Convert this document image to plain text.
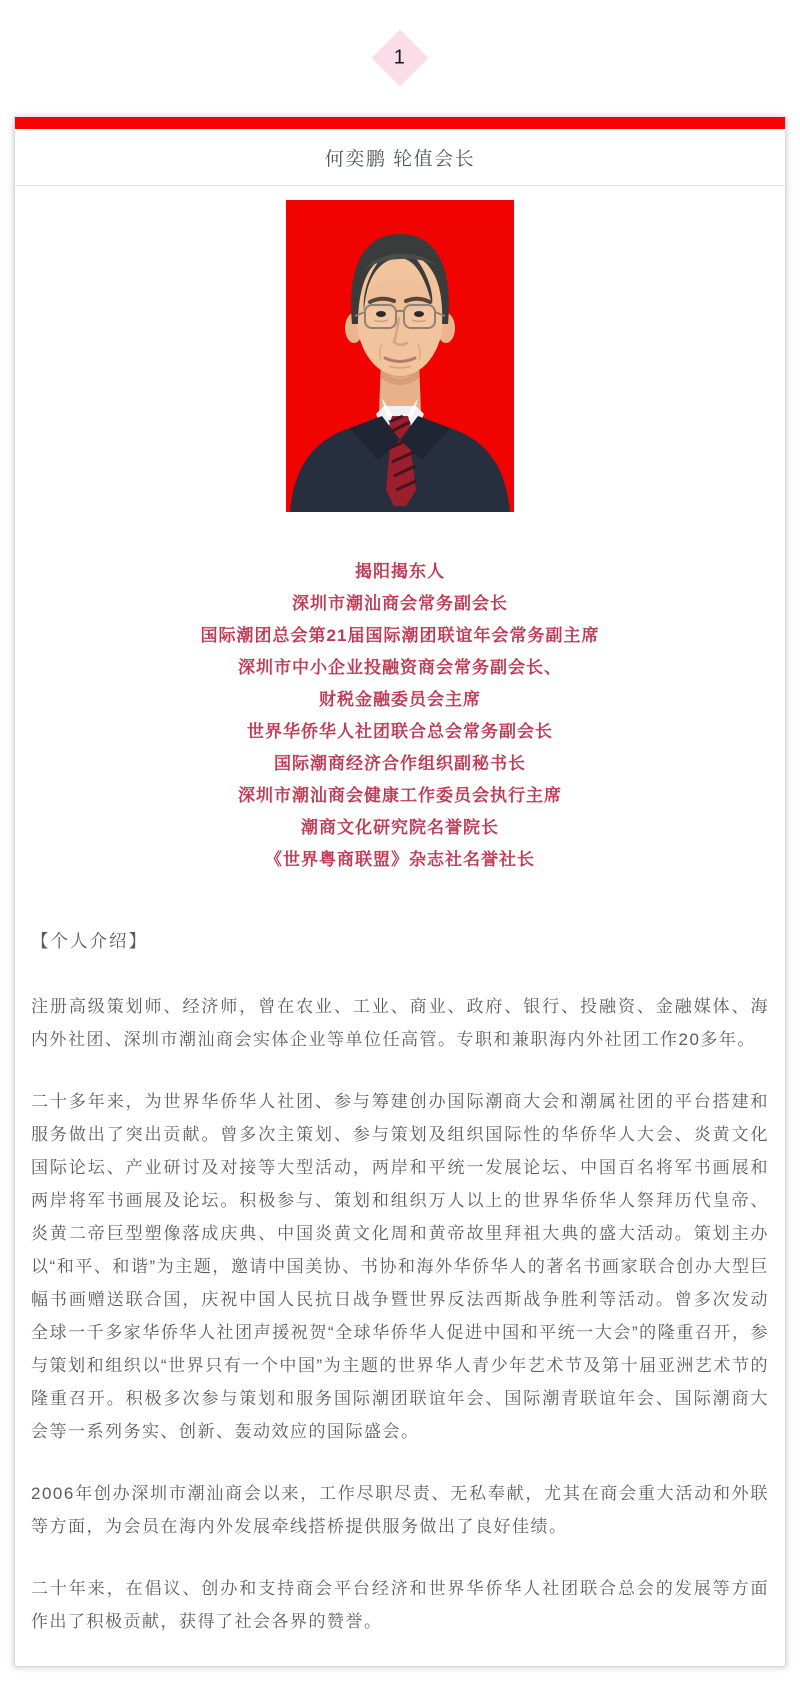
1
何奕鹏 轮值会长
揭阳揭东人
深圳市潮汕商会常务副会长
国际潮团总会第21届国际潮团联谊年会常务副主席
深圳市中小企业投融资商会常务副会长、
财税金融委员会主席
世界华侨华人社团联合总会常务副会长
国际潮商经济合作组织副秘书长
深圳市潮汕商会健康工作委员会执行主席
潮商文化研究院名誉院长
《世界粤商联盟》杂志社名誉社长
【个人介绍】

注册高级策划师、经济师，曾在农业、工业、商业、政府、银行、投融资、金融媒体、海内外社团、深圳市潮汕商会实体企业等单位任高管。专职和兼职海内外社团工作20多年。

二十多年来，为世界华侨华人社团、参与筹建创办国际潮商大会和潮属社团的平台搭建和服务做出了突出贡献。曾多次主策划、参与策划及组织国际性的华侨华人大会、炎黄文化国际论坛、产业研讨及对接等大型活动，两岸和平统一发展论坛、中国百名将军书画展和两岸将军书画展及论坛。积极参与、策划和组织万人以上的世界华侨华人祭拜历代皇帝、炎黄二帝巨型塑像落成庆典、中国炎黄文化周和黄帝故里拜祖大典的盛大活动。策划主办以“和平、和谐”为主题，邀请中国美协、书协和海外华侨华人的著名书画家联合创办大型巨幅书画赠送联合国，庆祝中国人民抗日战争暨世界反法西斯战争胜利等活动。曾多次发动全球一千多家华侨华人社团声援祝贺“全球华侨华人促进中国和平统一大会”的隆重召开，参与策划和组织以“世界只有一个中国”为主题的世界华人青少年艺术节及第十届亚洲艺术节的隆重召开。积极多次参与策划和服务国际潮团联谊年会、国际潮青联谊年会、国际潮商大会等一系列务实、创新、轰动效应的国际盛会。

2006年创办深圳市潮汕商会以来，工作尽职尽责、无私奉献，尤其在商会重大活动和外联等方面，为会员在海内外发展牵线搭桥提供服务做出了良好佳绩。

二十年来，在倡议、创办和支持商会平台经济和世界华侨华人社团联合总会的发展等方面作出了积极贡献，获得了社会各界的赞誉。
